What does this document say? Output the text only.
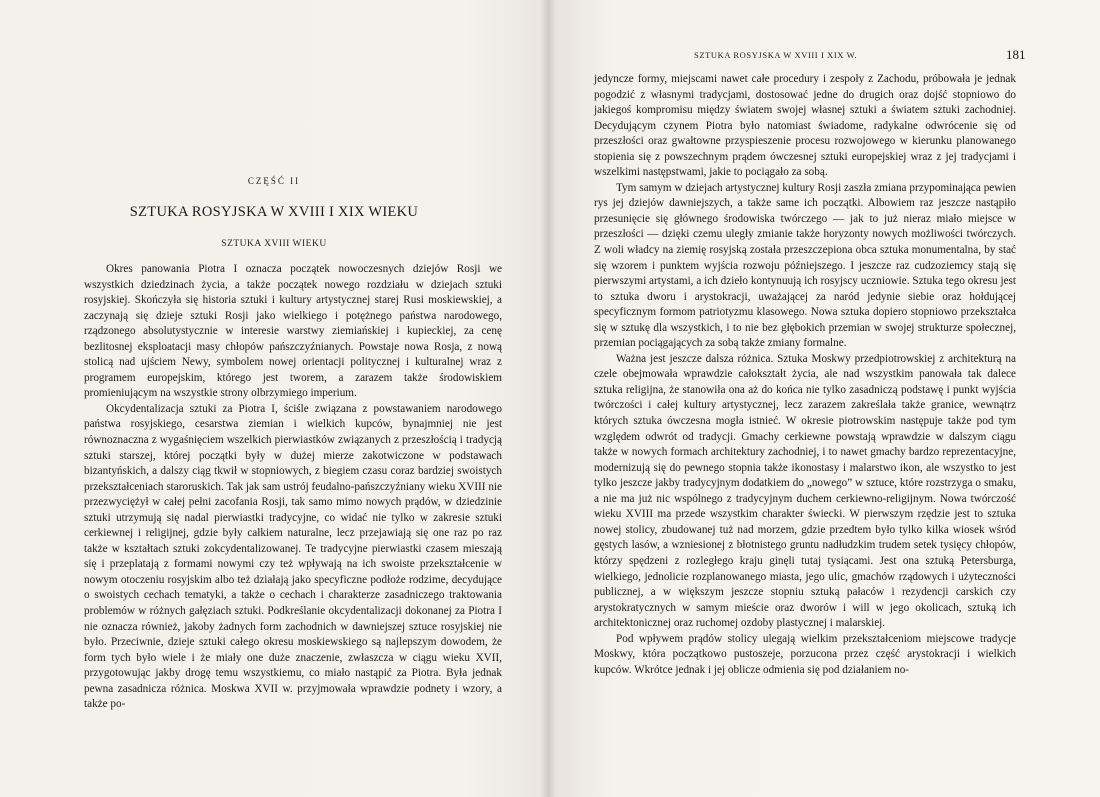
CZĘŚĆ II
SZTUKA ROSYJSKA W XVIII I XIX WIEKU
SZTUKA XVIII WIEKU

Okres panowania Piotra I oznacza początek nowoczesnych dziejów Rosji we wszystkich dziedzinach życia, a także początek nowego rozdziału w dziejach sztuki rosyjskiej. Skończyła się historia sztuki i kultury artystycznej starej Rusi moskiewskiej, a zaczynają się dzieje sztuki Rosji jako wielkiego i potężnego państwa narodowego, rządzonego absolutystycznie w interesie warstwy ziemiańskiej i kupieckiej, za cenę bezlitosnej eksploatacji masy chłopów pańszczyźnianych. Powstaje nowa Rosja, z nową stolicą nad ujściem Newy, symbolem nowej orientacji politycznej i kulturalnej wraz z programem europejskim, którego jest tworem, a zarazem także środowiskiem promieniującym na wszystkie strony olbrzymiego imperium.

Okcydentalizacja sztuki za Piotra I, ściśle związana z powstawaniem narodowego państwa rosyjskiego, cesarstwa ziemian i wielkich kupców, bynajmniej nie jest równoznaczna z wygaśnięciem wszelkich pierwiastków związanych z przeszłością i tradycją sztuki starszej, której początki były w dużej mierze zakotwiczone w podstawach bizantyńskich, a dalszy ciąg tkwił w stopniowych, z biegiem czasu coraz bardziej swoistych przekształceniach staroruskich. Tak jak sam ustrój feudalno-pańszczyźniany wieku XVIII nie przezwyciężył w całej pełni zacofania Rosji, tak samo mimo nowych prądów, w dziedzinie sztuki utrzymują się nadal pierwiastki tradycyjne, co widać nie tylko w zakresie sztuki cerkiewnej i religijnej, gdzie były całkiem naturalne, lecz przejawiają się one raz po raz także w kształtach sztuki zokcydentalizowanej. Te tradycyjne pierwiastki czasem mieszają się i przeplatają z formami nowymi czy też wpływają na ich swoiste przekształcenie w nowym otoczeniu rosyjskim albo też działają jako specyficzne podłoże rodzime, decydujące o swoistych cechach tematyki, a także o cechach i charakterze zasadniczego traktowania problemów w różnych gałęziach sztuki. Podkreślanie okcydentalizacji dokonanej za Piotra I nie oznacza również, jakoby żadnych form zachodnich w dawniejszej sztuce rosyjskiej nie było. Przeciwnie, dzieje sztuki całego okresu moskiewskiego są najlepszym dowodem, że form tych było wiele i że miały one duże znaczenie, zwłaszcza w ciągu wieku XVII, przygotowując jakby drogę temu wszystkiemu, co miało nastąpić za Piotra. Była jednak pewna zasadnicza różnica. Moskwa XVII w. przyjmowała wprawdzie podnety i wzory, a także po-

SZTUKA ROSYJSKA W XVIII I XIX W.	181

jedyncze formy, miejscami nawet całe procedury i zespoły z Zachodu, próbowała je jednak pogodzić z własnymi tradycjami, dostosować jedne do drugich oraz dojść stopniowo do jakiegoś kompromisu między światem swojej własnej sztuki a światem sztuki zachodniej. Decydującym czynem Piotra było natomiast świadome, radykalne odwrócenie się od przeszłości oraz gwałtowne przyspieszenie procesu rozwojowego w kierunku planowanego stopienia się z powszechnym prądem ówczesnej sztuki europejskiej wraz z jej tradycjami i wszelkimi następstwami, jakie to pociągało za sobą.

Tym samym w dziejach artystycznej kultury Rosji zaszła zmiana przypominająca pewien rys jej dziejów dawniejszych, a także same ich początki. Albowiem raz jeszcze nastąpiło przesunięcie się głównego środowiska twórczego — jak to już nieraz miało miejsce w przeszłości — dzięki czemu uległy zmianie także horyzonty nowych możliwości twórczych. Z woli władcy na ziemię rosyjską została przeszczepiona obca sztuka monumentalna, by stać się wzorem i punktem wyjścia rozwoju późniejszego. I jeszcze raz cudzoziemcy stają się pierwszymi artystami, a ich dzieło kontynuują ich rosyjscy uczniowie. Sztuka tego okresu jest to sztuka dworu i arystokracji, uważającej za naród jedynie siebie oraz hołdującej specyficznym formom patriotyzmu klasowego. Nowa sztuka dopiero stopniowo przekształca się w sztukę dla wszystkich, i to nie bez głębokich przemian w swojej strukturze społecznej, przemian pociągających za sobą także zmiany formalne.

Ważna jest jeszcze dalsza różnica. Sztuka Moskwy przedpiotrowskiej z architekturą na czele obejmowała wprawdzie całokształt życia, ale nad wszystkim panowała tak dalece sztuka religijna, że stanowiła ona aż do końca nie tylko zasadniczą podstawę i punkt wyjścia twórczości i całej kultury artystycznej, lecz zarazem zakreślała także granice, wewnątrz których sztuka ówczesna mogła istnieć. W okresie piotrowskim następuje także pod tym względem odwrót od tradycji. Gmachy cerkiewne powstają wprawdzie w dalszym ciągu także w nowych formach architektury zachodniej, i to nawet gmachy bardzo reprezentacyjne, modernizują się do pewnego stopnia także ikonostasy i malarstwo ikon, ale wszystko to jest tylko jeszcze jakby tradycyjnym dodatkiem do „nowego” w sztuce, które rozstrzyga o smaku, a nie ma już nic wspólnego z tradycyjnym duchem cerkiewno-religijnym. Nowa twórczość wieku XVIII ma przede wszystkim charakter świecki. W pierwszym rzędzie jest to sztuka nowej stolicy, zbudowanej tuż nad morzem, gdzie przedtem było tylko kilka wiosek wśród gęstych lasów, a wzniesionej z błotnistego gruntu nadłudzkim trudem setek tysięcy chłopów, którzy spędzeni z rozległego kraju ginęli tutaj tysiącami. Jest ona sztuką Petersburga, wielkiego, jednolicie rozplanowanego miasta, jego ulic, gmachów rządowych i użyteczności publicznej, a w większym jeszcze stopniu sztuką pałaców i rezydencji carskich czy arystokratycznych w samym mieście oraz dworów i will w jego okolicach, sztuką ich architektonicznej oraz ruchomej ozdoby plastycznej i malarskiej.

Pod wpływem prądów stolicy ulegają wielkim przekształceniom miejscowe tradycje Moskwy, która początkowo pustoszeje, porzucona przez część arystokracji i wielkich kupców. Wkrótce jednak i jej oblicze odmienia się pod działaniem no-
